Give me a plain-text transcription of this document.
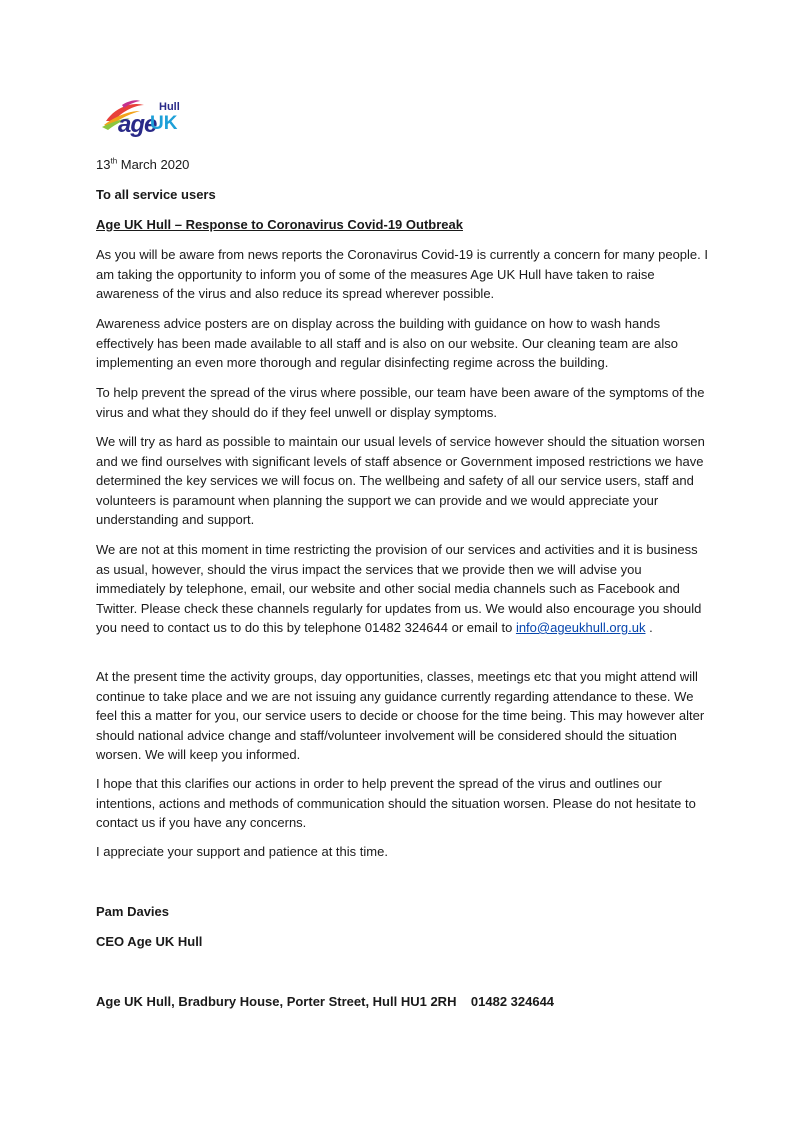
Hull
age
UK

13th March 2020

To all service users

Age UK Hull – Response to Coronavirus Covid-19 Outbreak

As you will be aware from news reports the Coronavirus Covid-19 is currently a concern for many people. I am taking the opportunity to inform you of some of the measures Age UK Hull have taken to raise awareness of the virus and also reduce its spread wherever possible.

Awareness advice posters are on display across the building with guidance on how to wash hands effectively has been made available to all staff and is also on our website. Our cleaning team are also implementing an even more thorough and regular disinfecting regime across the building.

To help prevent the spread of the virus where possible, our team have been aware of the symptoms of the virus and what they should do if they feel unwell or display symptoms.

We will try as hard as possible to maintain our usual levels of service however should the situation worsen and we find ourselves with significant levels of staff absence or Government imposed restrictions we have determined the key services we will focus on. The wellbeing and safety of all our service users, staff and volunteers is paramount when planning the support we can provide and we would appreciate your understanding and support.

We are not at this moment in time restricting the provision of our services and activities and it is business as usual, however, should the virus impact the services that we provide then we will advise you immediately by telephone, email, our website and other social media channels such as Facebook and Twitter. Please check these channels regularly for updates from us. We would also encourage you should you need to contact us to do this by telephone 01482 324644 or email to info@ageukhull.org.uk .

At the present time the activity groups, day opportunities, classes, meetings etc that you might attend will continue to take place and we are not issuing any guidance currently regarding attendance to these. We feel this a matter for you, our service users to decide or choose for the time being. This may however alter should national advice change and staff/volunteer involvement will be considered should the situation worsen. We will keep you informed.

I hope that this clarifies our actions in order to help prevent the spread of the virus and outlines our intentions, actions and methods of communication should the situation worsen. Please do not hesitate to contact us if you have any concerns.

I appreciate your support and patience at this time.

Pam Davies

CEO Age UK Hull

Age UK Hull, Bradbury House, Porter Street, Hull HU1 2RH    01482 324644
